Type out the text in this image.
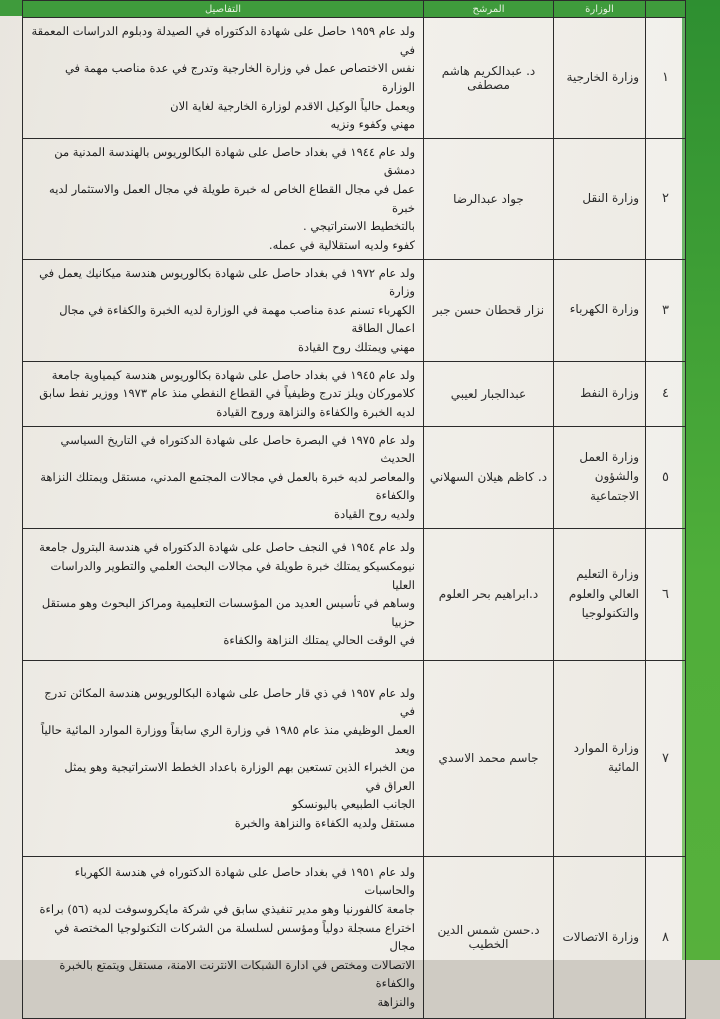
	الوزارة	المرشح	التفاصيل
١	وزارة الخارجية	د. عبدالكريم هاشم مصطفى	ولد عام ١٩٥٩ حاصل على شهادة الدكتوراه في الصيدلة ودبلوم الدراسات المعمقة في

نفس الاختصاص عمل في وزارة الخارجية وتدرج في عدة مناصب مهمة في الوزارة

ويعمل حالياً الوكيل الاقدم لوزارة الخارجية لغاية الان

مهني وكفوء ونزيه

٢	وزارة النقل	جواد عبدالرضا	ولد عام ١٩٤٤ في بغداد حاصل على شهادة البكالوريوس بالهندسة المدنية من دمشق

عمل في مجال القطاع الخاص له خبرة طويلة في مجال العمل والاستثمار لديه خبرة

بالتخطيط الاستراتيجي .

كفوء ولديه استقلالية في عمله.

٣	وزارة الكهرباء	نزار قحطان حسن جبر	ولد عام ١٩٧٢ في بغداد حاصل على شهادة بكالوريوس هندسة ميكانيك يعمل في وزارة

الكهرباء تسنم عدة مناصب مهمة في الوزارة لديه الخبرة والكفاءة في مجال اعمال الطاقة

مهني ويمتلك روح القيادة

٤	وزارة النفط	عبدالجبار لعيبي	ولد عام ١٩٤٥ في بغداد حاصل على شهادة بكالوريوس هندسة كيمياوية جامعة

كلاموركان ويلز تدرج وظيفياً في القطاع النفطي منذ عام ١٩٧٣ ووزير نفط سابق

لديه الخبرة والكفاءة والنزاهة وروح القيادة

٥	وزارة العمل والشؤون الاجتماعية	د. كاظم هيلان السهلاني	ولد عام ١٩٧٥ في البصرة حاصل على شهادة الدكتوراه في التاريخ السياسي الحديث

والمعاصر لديه خبرة بالعمل في مجالات المجتمع المدني، مستقل ويمتلك النزاهة والكفاءة

ولديه روح القيادة

٦	وزارة التعليم العالي والعلوم والتكنولوجيا	د.ابراهيم بحر العلوم	ولد عام ١٩٥٤ في النجف حاصل على شهادة الدكتوراه في هندسة البترول جامعة

نيومكسيكو يمتلك خبرة طويلة في مجالات البحث العلمي والتطوير والدراسات العليا

وساهم في تأسيس العديد من المؤسسات التعليمية ومراكز البحوث وهو مستقل حزبيا

في الوقت الحالي يمتلك النزاهة والكفاءة

٧	وزارة الموارد المائية	جاسم محمد الاسدي	ولد عام ١٩٥٧ في ذي قار حاصل على شهادة البكالوريوس هندسة المكائن تدرج في

العمل الوظيفي منذ عام ١٩٨٥ في وزارة الري سابقاً ووزارة الموارد المائية حالياً ويعد

من الخبراء الذين تستعين بهم الوزارة باعداد الخطط الاستراتيجية وهو يمثل العراق في

الجانب الطبيعي باليونسكو

مستقل ولديه الكفاءة والنزاهة والخبرة

٨	وزارة الاتصالات	د.حسن شمس الدين الخطيب	ولد عام ١٩٥١ في بغداد حاصل على شهادة الدكتوراه في هندسة الكهرباء والحاسبات

جامعة كالفورنيا وهو مدير تنفيذي سابق في شركة مايكروسوفت لديه (٥٦) براءة

اختراع مسجلة دولياً ومؤسس لسلسلة من الشركات التكنولوجيا المختصة في مجال

الاتصالات ومختص في ادارة الشبكات الانترنت الامنة، مستقل ويتمتع بالخبرة والكفاءة

والنزاهة
